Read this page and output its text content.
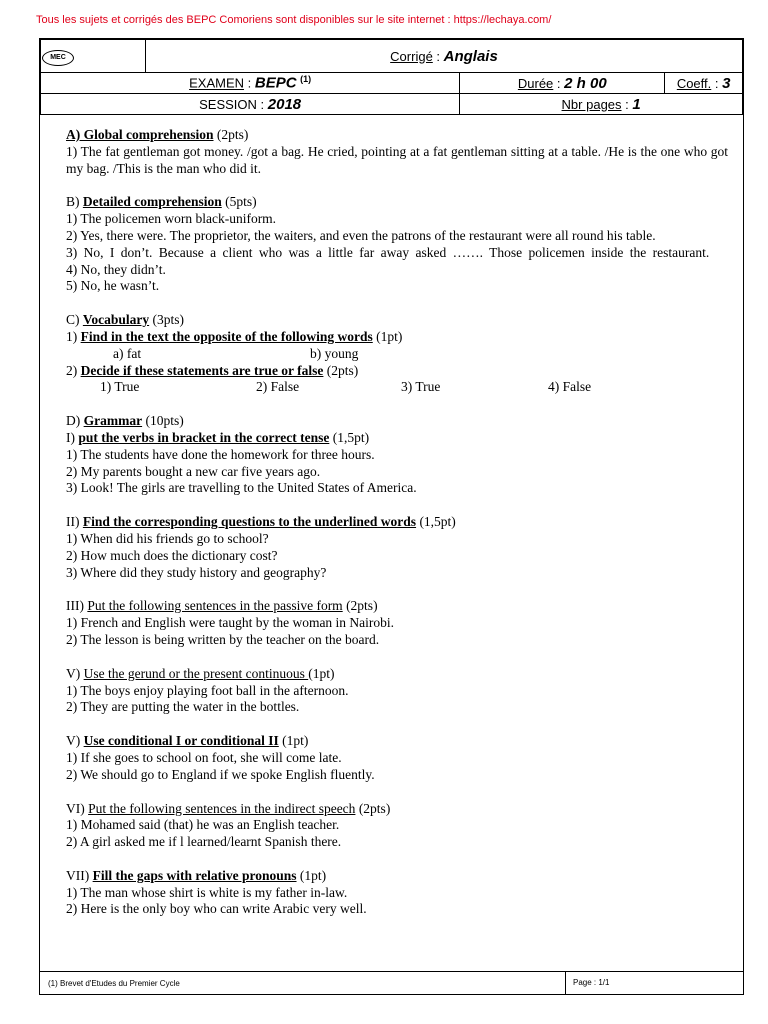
Tous les sujets et corrigés des BEPC Comoriens sont disponibles sur le site internet : https://lechaya.com/
MEC	Corrigé : Anglais		
EXAMEN : BEPC $^{(1)}$		Durée : 2 h 00	Coeff. : 3
SESSION : 2018		Nbr pages : 1	

A) Global comprehension (2pts)

1) The fat gentleman got money. /got a bag. He cried, pointing at a fat gentleman sitting at a table. /He is the one who got my bag. /This is the man who did it.

B) Detailed comprehension (5pts)

1) The policemen worn black-uniform.

2) Yes, there were. The proprietor, the waiters, and even the patrons of the restaurant were all round his table.

3) No, I don’t. Because a client who was a little far away asked ……. Those policemen inside the restaurant.

4) No, they didn’t.

5) No, he wasn’t.

C) Vocabulary (3pts)

1) Find in the text the opposite of the following words (1pt)

a) fat	b) young

2) Decide if these statements are true or false (2pts)

1) True	2) False	3) True	4) False

D) Grammar (10pts)

I) put the verbs in bracket in the correct tense (1,5pt)

1) The students have done the homework for three hours.

2) My parents bought a new car five years ago.

3) Look! The girls are travelling to the United States of America.

II) Find the corresponding questions to the underlined words (1,5pt)

1) When did his friends go to school?

2) How much does the dictionary cost?

3) Where did they study history and geography?

III) Put the following sentences in the passive form (2pts)

1) French and English were taught by the woman in Nairobi.

2) The lesson is being written by the teacher on the board.

V) Use the gerund or the present continuous (1pt)

1) The boys enjoy playing foot ball in the afternoon.

2) They are putting the water in the bottles.

V) Use conditional I or conditional II (1pt)

1) If she goes to school on foot, she will come late.

2) We should go to England if we spoke English fluently.

VI) Put the following sentences in the indirect speech (2pts)

1) Mohamed said (that) he was an English teacher.

2) A girl asked me if l learned/learnt Spanish there.

VII) Fill the gaps with relative pronouns (1pt)

1) The man whose shirt is white is my father in-law.

2) Here is the only boy who can write Arabic very well.

(1) Brevet d'Etudes du Premier Cycle	Page : 1/1
